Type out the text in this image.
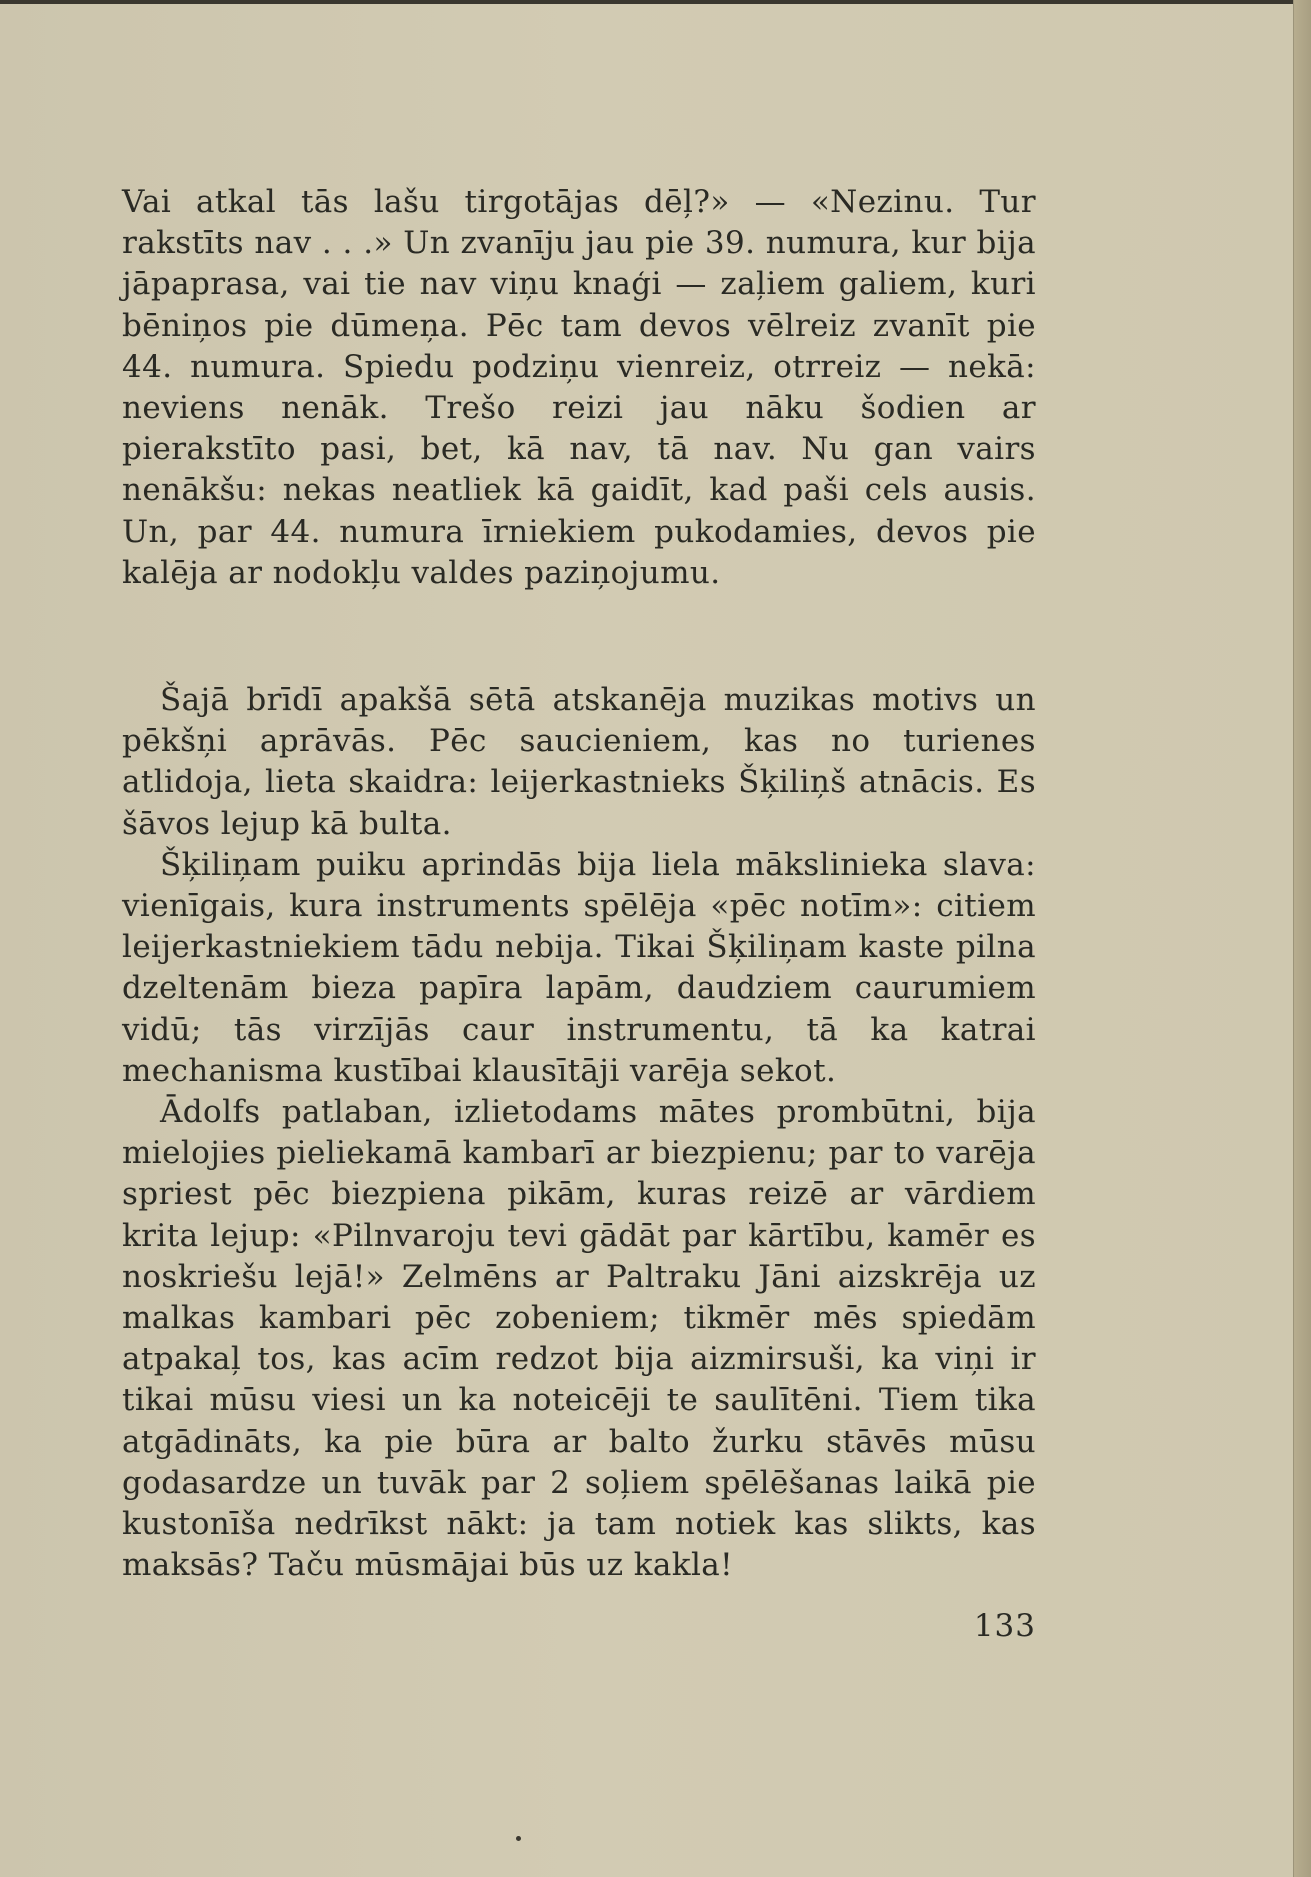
Vai atkal tās lašu tirgotājas dēļ?» — «Nezinu. Tur rakstīts nav . . .» Un zvanīju jau pie 39. numura, kur bija jāpaprasa, vai tie nav viņu knaģi — zaļiem galiem, kuri bēniņos pie dūmeņa. Pēc tam devos vēlreiz zvanīt pie 44. numura. Spiedu podziņu vienreiz, otrreiz — nekā: neviens nenāk. Trešo reizi jau nāku šodien ar pierakstīto pasi, bet, kā nav, tā nav. Nu gan vairs nenākšu: nekas neatliek kā gaidīt, kad paši cels ausis. Un, par 44. numura īrniekiem pukodamies, devos pie kalēja ar nodokļu valdes paziņojumu.

Šajā brīdī apakšā sētā atskanēja muzikas motivs un pēkšņi aprāvās. Pēc saucieniem, kas no turienes atlidoja, lieta skaidra: leijerkastnieks Šķiliņš atnācis. Es šāvos lejup kā bulta.

Šķiliņam puiku aprindās bija liela mākslinieka slava: vienīgais, kura instruments spēlēja «pēc notīm»: citiem leijerkastniekiem tādu nebija. Tikai Šķiliņam kaste pilna dzeltenām bieza papīra lapām, daudziem caurumiem vidū; tās virzījās caur instrumentu, tā ka katrai mechanisma kustībai klausītāji varēja sekot.

Ādolfs patlaban, izlietodams mātes prombūtni, bija mielojies pieliekamā kambarī ar biezpienu; par to varēja spriest pēc biezpiena pikām, kuras reizē ar vārdiem krita lejup: «Pilnvaroju tevi gādāt par kārtību, kamēr es noskriešu lejā!» Zelmēns ar Paltraku Jāni aizskrēja uz malkas kambari pēc zobeniem; tikmēr mēs spiedām atpakaļ tos, kas acīm redzot bija aizmirsuši, ka viņi ir tikai mūsu viesi un ka noteicēji te saulītēni. Tiem tika atgādināts, ka pie būra ar balto žurku stāvēs mūsu godasardze un tuvāk par 2 soļiem spēlēšanas laikā pie kustonīša nedrīkst nākt: ja tam notiek kas slikts, kas maksās? Taču mūsmājai būs uz kakla!

133
